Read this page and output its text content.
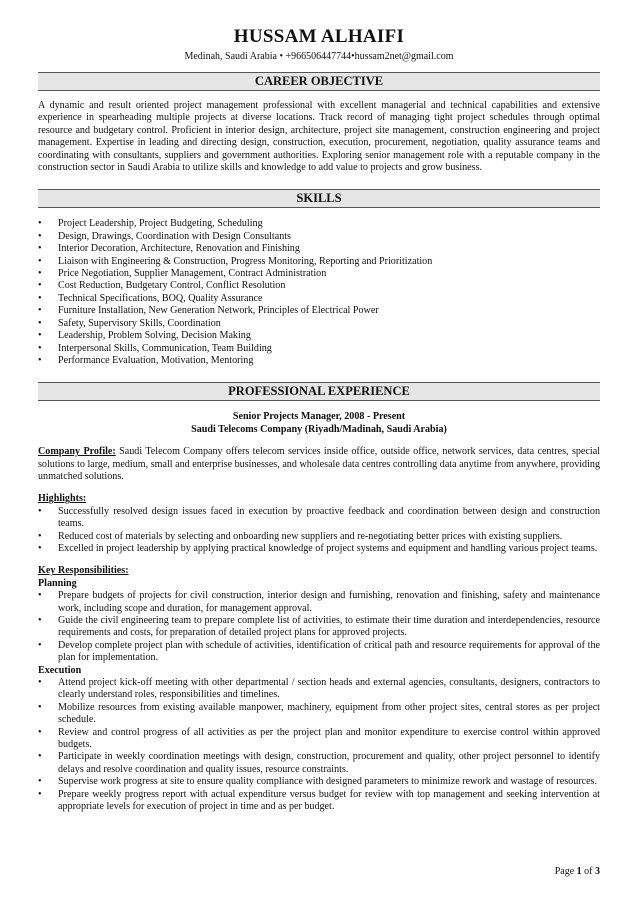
HUSSAM ALHAIFI
Medinah, Saudi Arabia • +966506447744•hussam2net@gmail.com
CAREER OBJECTIVE
A dynamic and result oriented project management professional with excellent managerial and technical capabilities and extensive experience in spearheading multiple projects at diverse locations. Track record of managing tight project schedules through optimal resource and budgetary control. Proficient in interior design, architecture, project site management, construction engineering and project management. Expertise in leading and directing design, construction, execution, procurement, negotiation, quality assurance teams and coordinating with consultants, suppliers and government authorities. Exploring senior management role with a reputable company in the construction sector in Saudi Arabia to utilize skills and knowledge to add value to projects and grow business.
SKILLS
• Project Leadership, Project Budgeting, Scheduling
• Design, Drawings, Coordination with Design Consultants
• Interior Decoration, Architecture, Renovation and Finishing
• Liaison with Engineering & Construction, Progress Monitoring, Reporting and Prioritization
• Price Negotiation, Supplier Management, Contract Administration
• Cost Reduction, Budgetary Control, Conflict Resolution
• Technical Specifications, BOQ, Quality Assurance
• Furniture Installation, New Generation Network, Principles of Electrical Power
• Safety, Supervisory Skills, Coordination
• Leadership, Problem Solving, Decision Making
• Interpersonal Skills, Communication, Team Building
• Performance Evaluation, Motivation, Mentoring
PROFESSIONAL EXPERIENCE
Senior Projects Manager, 2008 - Present
Saudi Telecoms Company (Riyadh/Madinah, Saudi Arabia)
Company Profile: Saudi Telecom Company offers telecom services inside office, outside office, network services, data centres, special solutions to large, medium, small and enterprise businesses, and wholesale data centres controlling data anytime from anywhere, providing unmatched solutions.
Highlights:
• Successfully resolved design issues faced in execution by proactive feedback and coordination between design and construction teams.
• Reduced cost of materials by selecting and onboarding new suppliers and re-negotiating better prices with existing suppliers.
• Excelled in project leadership by applying practical knowledge of project systems and equipment and handling various project teams.
Key Responsibilities:
Planning
• Prepare budgets of projects for civil construction, interior design and furnishing, renovation and finishing, safety and maintenance work, including scope and duration, for management approval.
• Guide the civil engineering team to prepare complete list of activities, to estimate their time duration and interdependencies, resource requirements and costs, for preparation of detailed project plans for approved projects.
• Develop complete project plan with schedule of activities, identification of critical path and resource requirements for approval of the plan for implementation.
Execution
• Attend project kick-off meeting with other departmental / section heads and external agencies, consultants, designers, contractors to clearly understand roles, responsibilities and timelines.
• Mobilize resources from existing available manpower, machinery, equipment from other project sites, central stores as per project schedule.
• Review and control progress of all activities as per the project plan and monitor expenditure to exercise control within approved budgets.
• Participate in weekly coordination meetings with design, construction, procurement and quality, other project personnel to identify delays and resolve coordination and quality issues, resource constraints.
• Supervise work progress at site to ensure quality compliance with designed parameters to minimize rework and wastage of resources.
• Prepare weekly progress report with actual expenditure versus budget for review with top management and seeking intervention at appropriate levels for execution of project in time and as per budget.
Page 1 of 3
